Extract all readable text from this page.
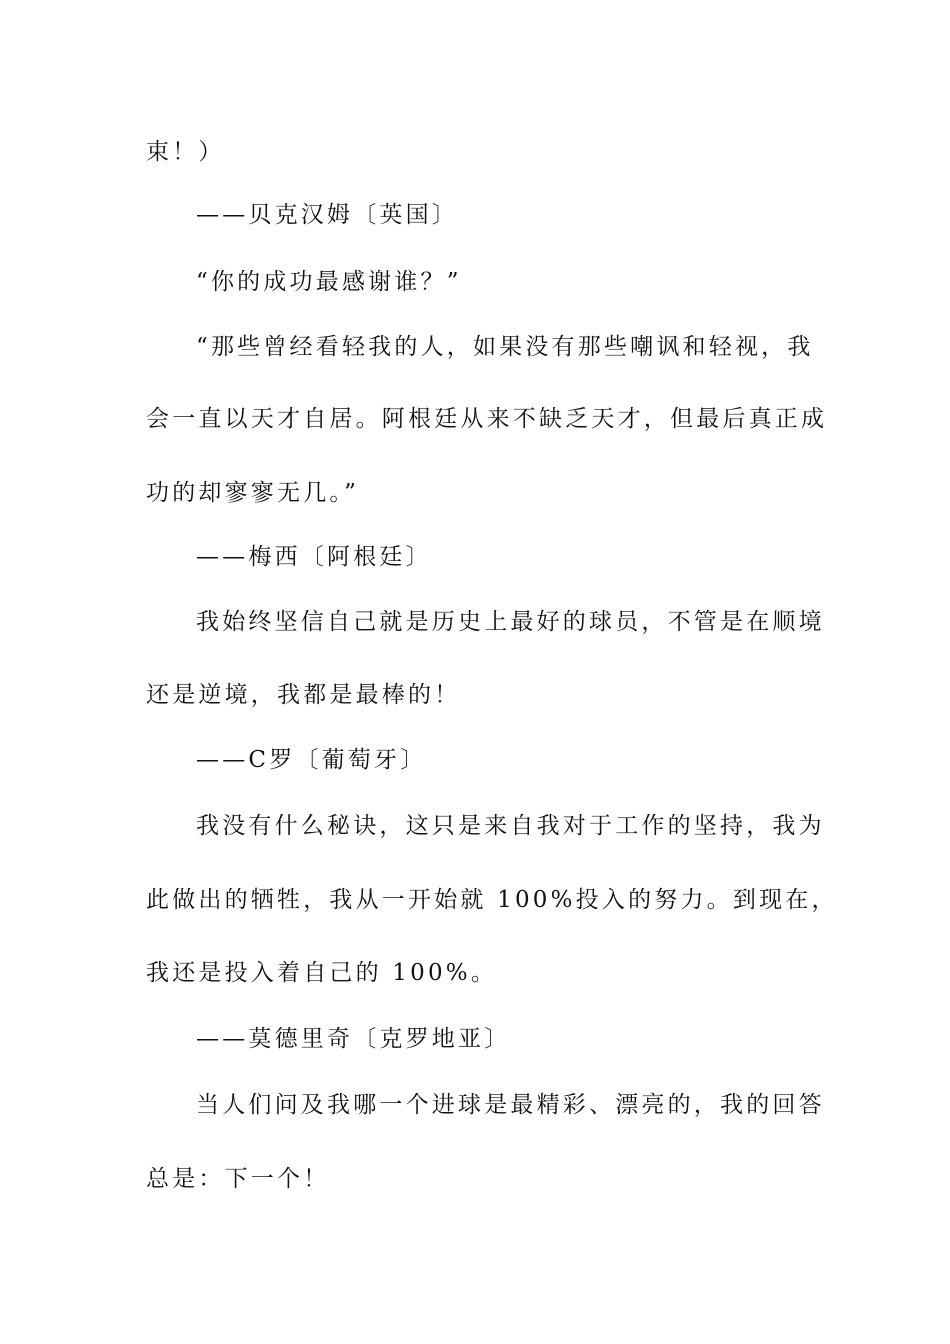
束！）
——贝克汉姆〔英国〕
“你的成功最感谢谁？”
“那些曾经看轻我的人，如果没有那些嘲讽和轻视，我
会一直以天才自居。阿根廷从来不缺乏天才，但最后真正成
功的却寥寥无几。”
——梅西〔阿根廷〕
我始终坚信自己就是历史上最好的球员，不管是在顺境
还是逆境，我都是最棒的！
——C罗〔葡萄牙〕
我没有什么秘诀，这只是来自我对于工作的坚持，我为
此做出的牺牲，我从一开始就 100%投入的努力。到现在，
我还是投入着自己的 100%。
——莫德里奇〔克罗地亚〕
当人们问及我哪一个进球是最精彩、漂亮的，我的回答
总是：下一个！
